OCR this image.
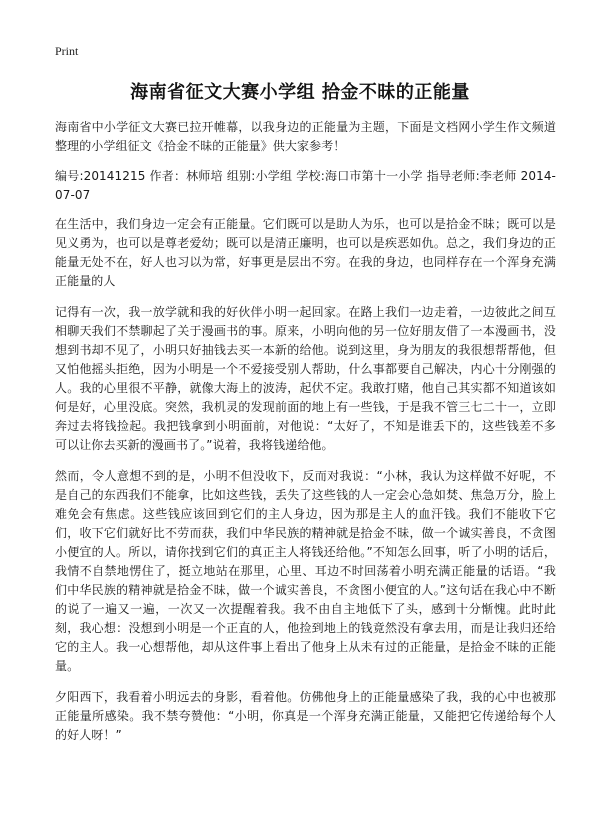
Print
海南省征文大赛小学组 拾金不昧的正能量

海南省中小学征文大赛已拉开帷幕，以我身边的正能量为主题，下面是文档网小学生作文频道整理的小学组征文《拾金不昧的正能量》供大家参考！

编号:20141215 作者：林师培 组别:小学组 学校:海口市第十一小学 指导老师:李老师 2014-07-07

在生活中，我们身边一定会有正能量。它们既可以是助人为乐，也可以是拾金不昧；既可以是见义勇为，也可以是尊老爱幼；既可以是清正廉明，也可以是疾恶如仇。总之，我们身边的正能量无处不在，好人也习以为常，好事更是层出不穷。在我的身边，也同样存在一个浑身充满正能量的人

记得有一次，我一放学就和我的好伙伴小明一起回家。在路上我们一边走着，一边彼此之间互相聊天我们不禁聊起了关于漫画书的事。原来，小明向他的另一位好朋友借了一本漫画书，没想到书却不见了，小明只好抽钱去买一本新的给他。说到这里，身为朋友的我很想帮帮他，但又怕他摇头拒绝，因为小明是一个不爱接受别人帮助，什么事都要自己解决，内心十分刚强的人。我的心里很不平静，就像大海上的波涛，起伏不定。我敢打赌，他自己其实都不知道该如何是好，心里没底。突然，我机灵的发现前面的地上有一些钱，于是我不管三七二十一，立即奔过去将钱捡起。我把钱拿到小明面前，对他说：“太好了，不知是谁丢下的，这些钱差不多可以让你去买新的漫画书了。”说着，我将钱递给他。

然而，令人意想不到的是，小明不但没收下，反而对我说：“小林，我认为这样做不好呢，不是自己的东西我们不能拿，比如这些钱，丢失了这些钱的人一定会心急如焚、焦急万分，脸上难免会有焦虑。这些钱应该回到它们的主人身边，因为那是主人的血汗钱。我们不能收下它们，收下它们就好比不劳而获，我们中华民族的精神就是拾金不昧，做一个诚实善良，不贪图小便宜的人。所以，请你找到它们的真正主人将钱还给他。”不知怎么回事，听了小明的话后，我情不自禁地愣住了，挺立地站在那里，心里、耳边不时回荡着小明充满正能量的话语。“我们中华民族的精神就是拾金不昧，做一个诚实善良，不贪图小便宜的人。”这句话在我心中不断的说了一遍又一遍，一次又一次提醒着我。我不由自主地低下了头，感到十分惭愧。此时此刻，我心想：没想到小明是一个正直的人，他捡到地上的钱竟然没有拿去用，而是让我归还给它的主人。我一心想帮他，却从这件事上看出了他身上从未有过的正能量，是拾金不昧的正能量。

夕阳西下，我看着小明远去的身影，看着他。仿佛他身上的正能量感染了我，我的心中也被那正能量所感染。我不禁夸赞他：“小明，你真是一个浑身充满正能量，又能把它传递给每个人的好人呀！”
